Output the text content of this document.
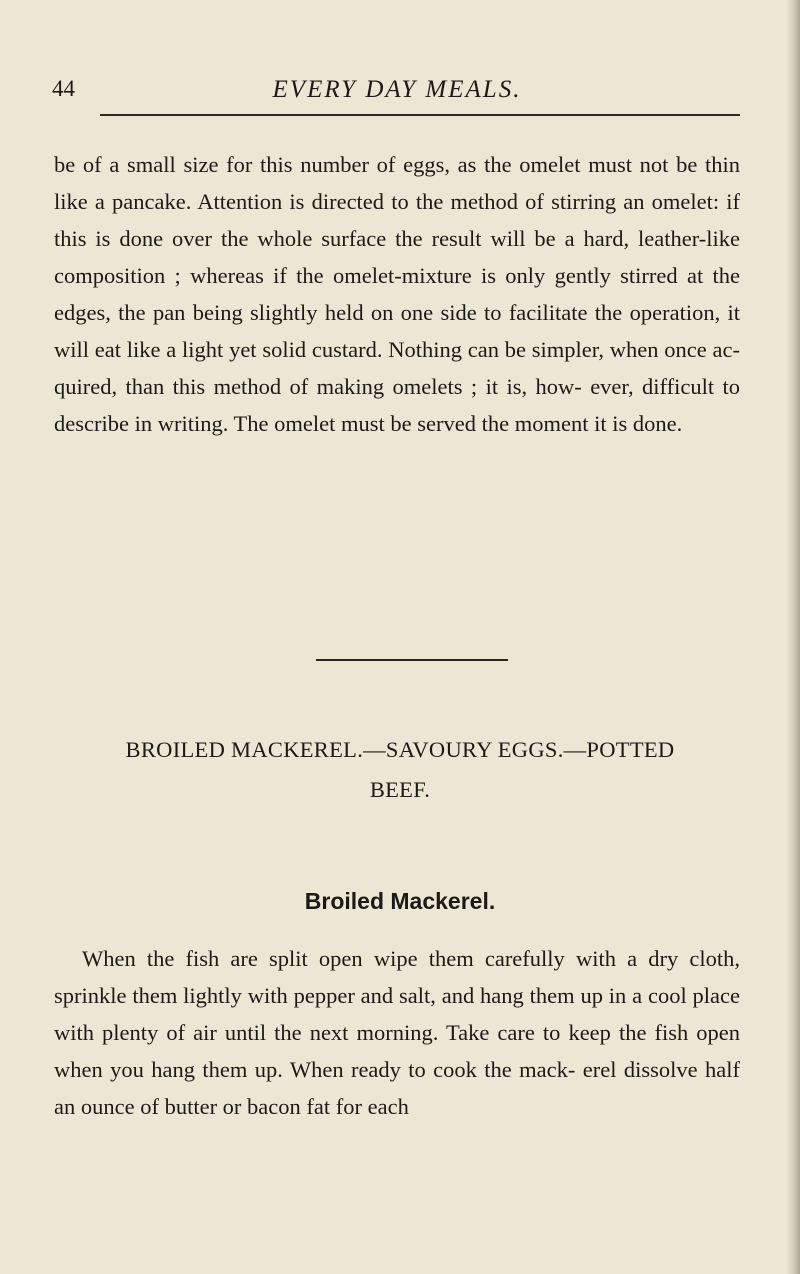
44	EVERY DAY MEALS.

be of a small size for this number of eggs, as the omelet must not be thin like a pancake. Attention is directed to the method of stirring an omelet: if this is done over the whole surface the result will be a hard, leather-like composition ; whereas if the omelet-mixture is only gently stirred at the edges, the pan being slightly held on one side to facilitate the operation, it will eat like a light yet solid custard. Nothing can be simpler, when once ac- quired, than this method of making omelets ; it is, how- ever, difficult to describe in writing. The omelet must be served the moment it is done.

BROILED MACKEREL.—SAVOURY EGGS.—POTTED
BEEF.
Broiled Mackerel.

When the fish are split open wipe them carefully with a dry cloth, sprinkle them lightly with pepper and salt, and hang them up in a cool place with plenty of air until the next morning. Take care to keep the fish open when you hang them up. When ready to cook the mack- erel dissolve half an ounce of butter or bacon fat for each
